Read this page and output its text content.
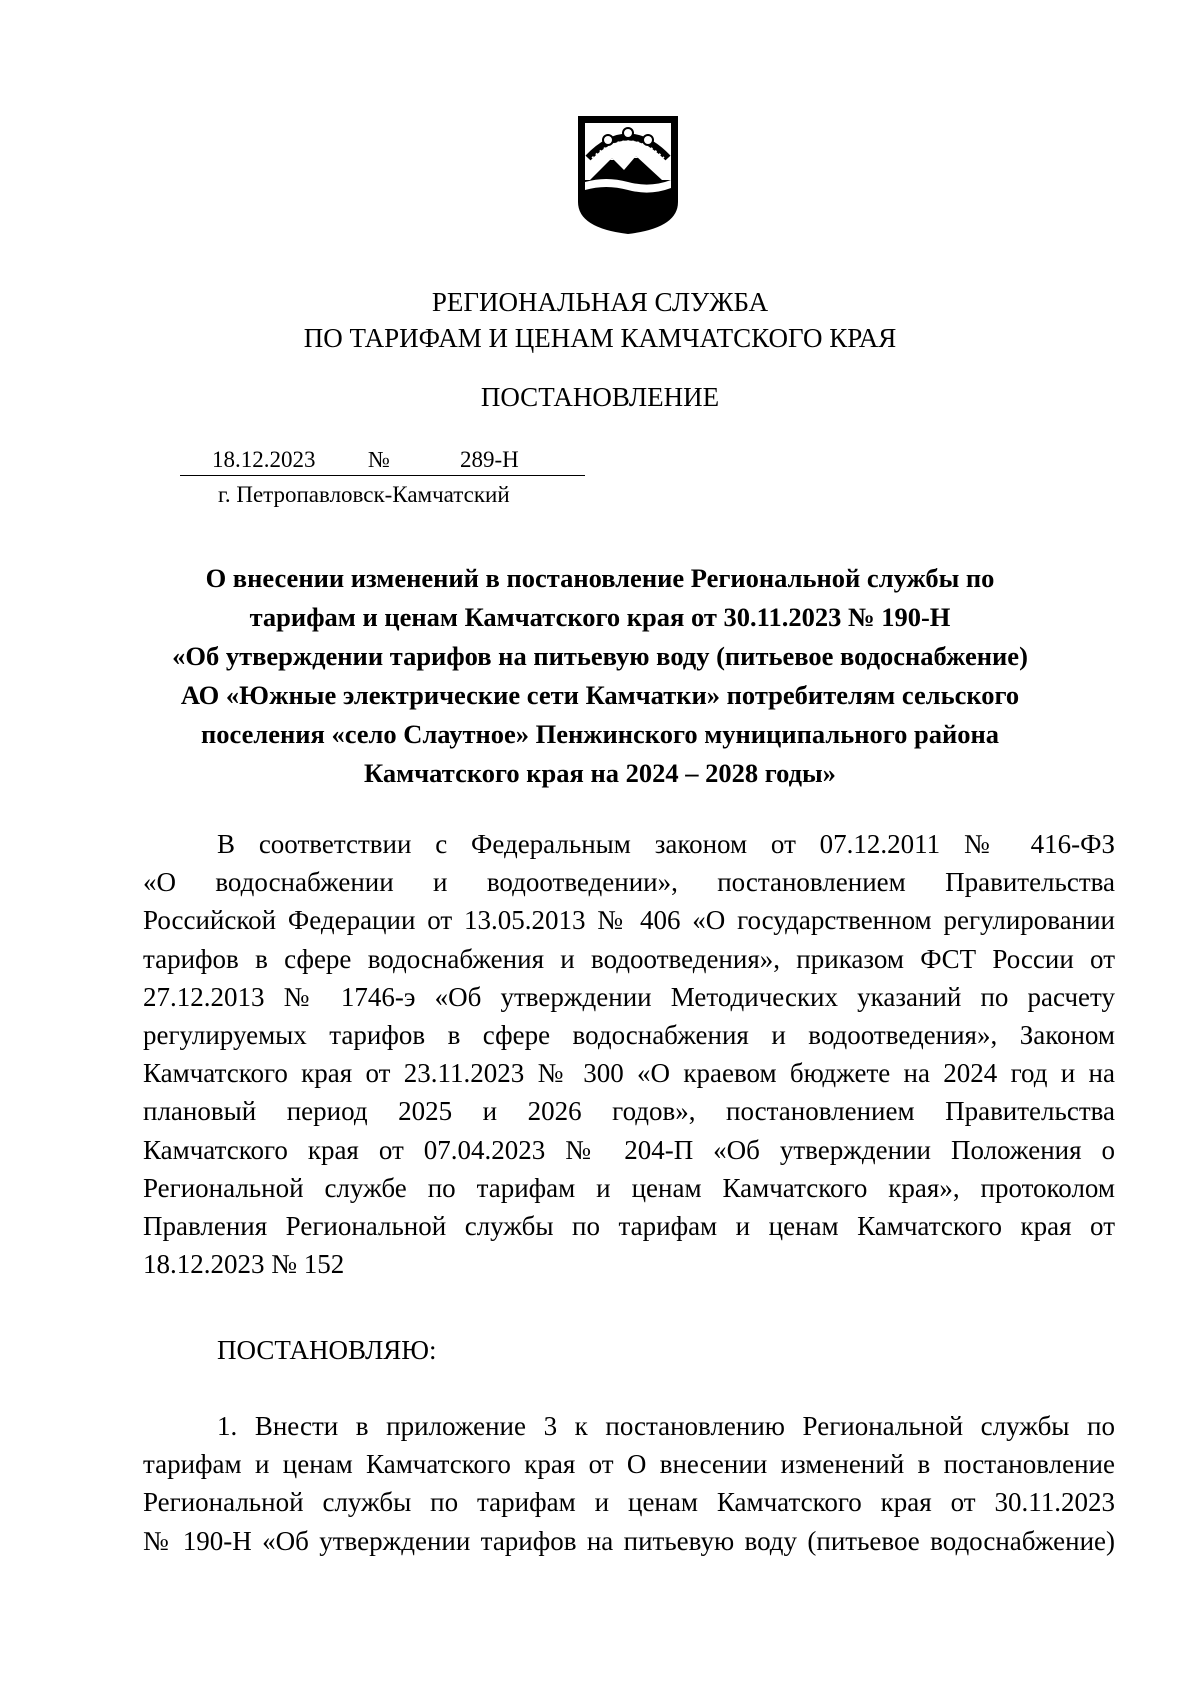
РЕГИОНАЛЬНАЯ СЛУЖБА
ПО ТАРИФАМ И ЦЕНАМ КАМЧАТСКОГО КРАЯ
ПОСТАНОВЛЕНИЕ
18.12.2023 №	289-Н
г. Петропавловск-Камчатский
О внесении изменений в постановление Региональной службы по
тарифам и ценам Камчатского края от 30.11.2023 № 190-Н
«Об утверждении тарифов на питьевую воду (питьевое водоснабжение)
АО «Южные электрические сети Камчатки» потребителям сельского
поселения «село Слаутное» Пенжинского муниципального района
Камчатского края на 2024 – 2028 годы»
В соответствии с Федеральным законом от 07.12.2011 № 416-ФЗ
«О водоснабжении и водоотведении», постановлением Правительства
Российской Федерации от 13.05.2013 № 406 «О государственном регулировании
тарифов в сфере водоснабжения и водоотведения», приказом ФСТ России от
27.12.2013 № 1746-э «Об утверждении Методических указаний по расчету
регулируемых тарифов в сфере водоснабжения и водоотведения», Законом
Камчатского края от 23.11.2023 № 300 «О краевом бюджете на 2024 год и на
плановый период 2025 и 2026 годов», постановлением Правительства
Камчатского края от 07.04.2023 № 204-П «Об утверждении Положения о
Региональной службе по тарифам и ценам Камчатского края», протоколом
Правления Региональной службы по тарифам и ценам Камчатского края от
18.12.2023 № 152
ПОСТАНОВЛЯЮ:
1. Внести в приложение 3 к постановлению Региональной службы по
тарифам и ценам Камчатского края от О внесении изменений в постановление
Региональной службы по тарифам и ценам Камчатского края от 30.11.2023
№ 190-Н «Об утверждении тарифов на питьевую воду (питьевое водоснабжение)
